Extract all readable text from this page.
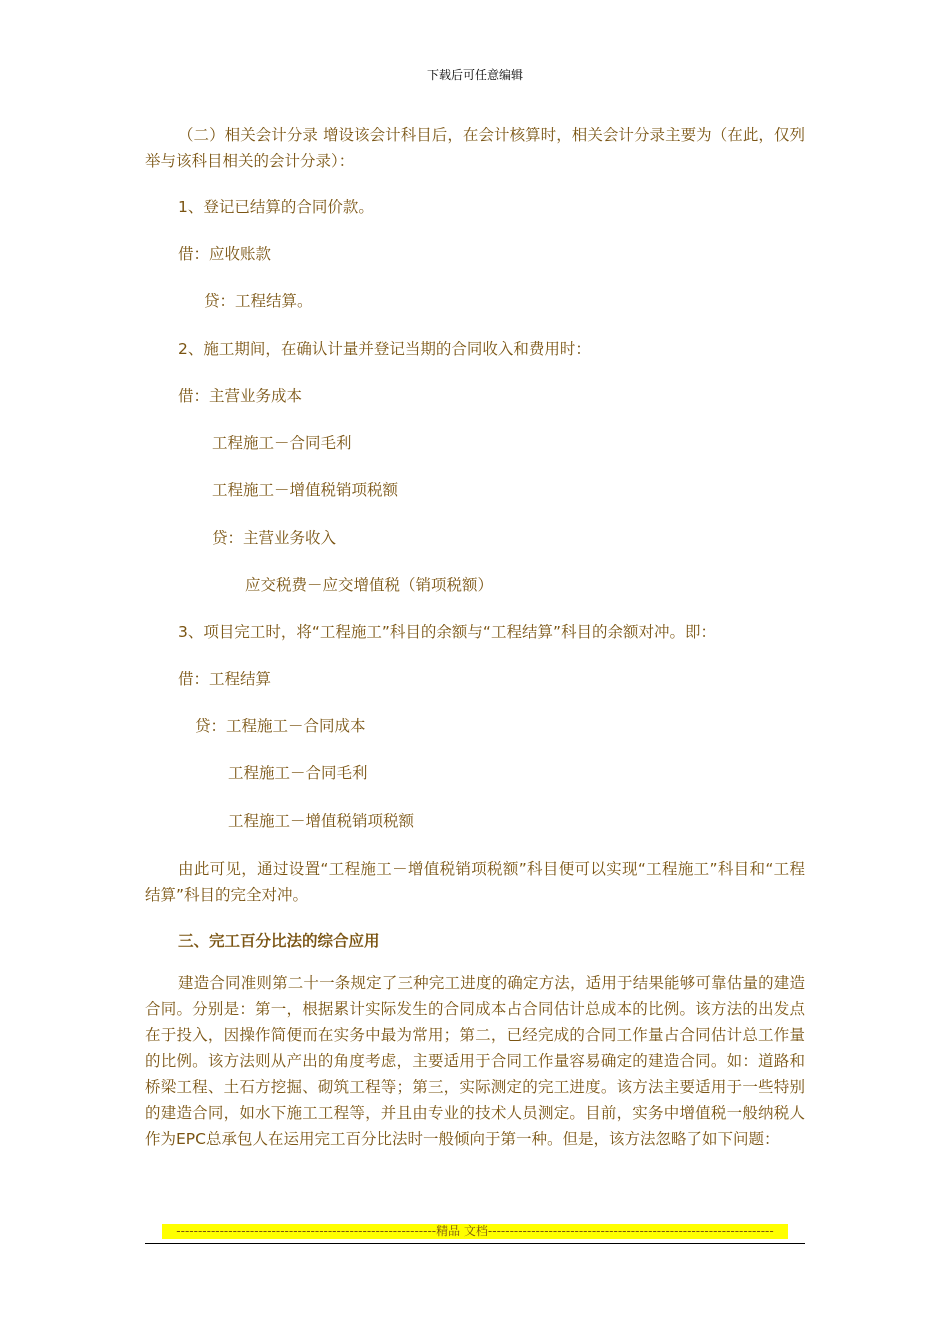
下载后可任意编辑
（二）相关会计分录 增设该会计科目后，在会计核算时，相关会计分录主要为（在此，仅列举与该科目相关的会计分录）：
1、登记已结算的合同价款。
借：应收账款
贷：工程结算。
2、施工期间，在确认计量并登记当期的合同收入和费用时：
借：主营业务成本
工程施工－合同毛利
工程施工－增值税销项税额
贷：主营业务收入
应交税费－应交增值税（销项税额）
3、项目完工时，将“工程施工”科目的余额与“工程结算”科目的余额对冲。即：
借：工程结算
贷：工程施工－合同成本
工程施工－合同毛利
工程施工－增值税销项税额
由此可见，通过设置“工程施工－增值税销项税额”科目便可以实现“工程施工”科目和“工程结算”科目的完全对冲。
三、完工百分比法的综合应用
建造合同准则第二十一条规定了三种完工进度的确定方法，适用于结果能够可靠估量的建造合同。分别是：第一，根据累计实际发生的合同成本占合同估计总成本的比例。该方法的出发点在于投入，因操作简便而在实务中最为常用；第二，已经完成的合同工作量占合同估计总工作量的比例。该方法则从产出的角度考虑，主要适用于合同工作量容易确定的建造合同。如：道路和桥梁工程、土石方挖掘、砌筑工程等；第三，实际测定的完工进度。该方法主要适用于一些特别的建造合同，如水下施工工程等，并且由专业的技术人员测定。目前，实务中增值税一般纳税人作为EPC总承包人在运用完工百分比法时一般倾向于第一种。但是，该方法忽略了如下问题：
------------------------------------------------------------精品 文档------------------------------------------------------------------
